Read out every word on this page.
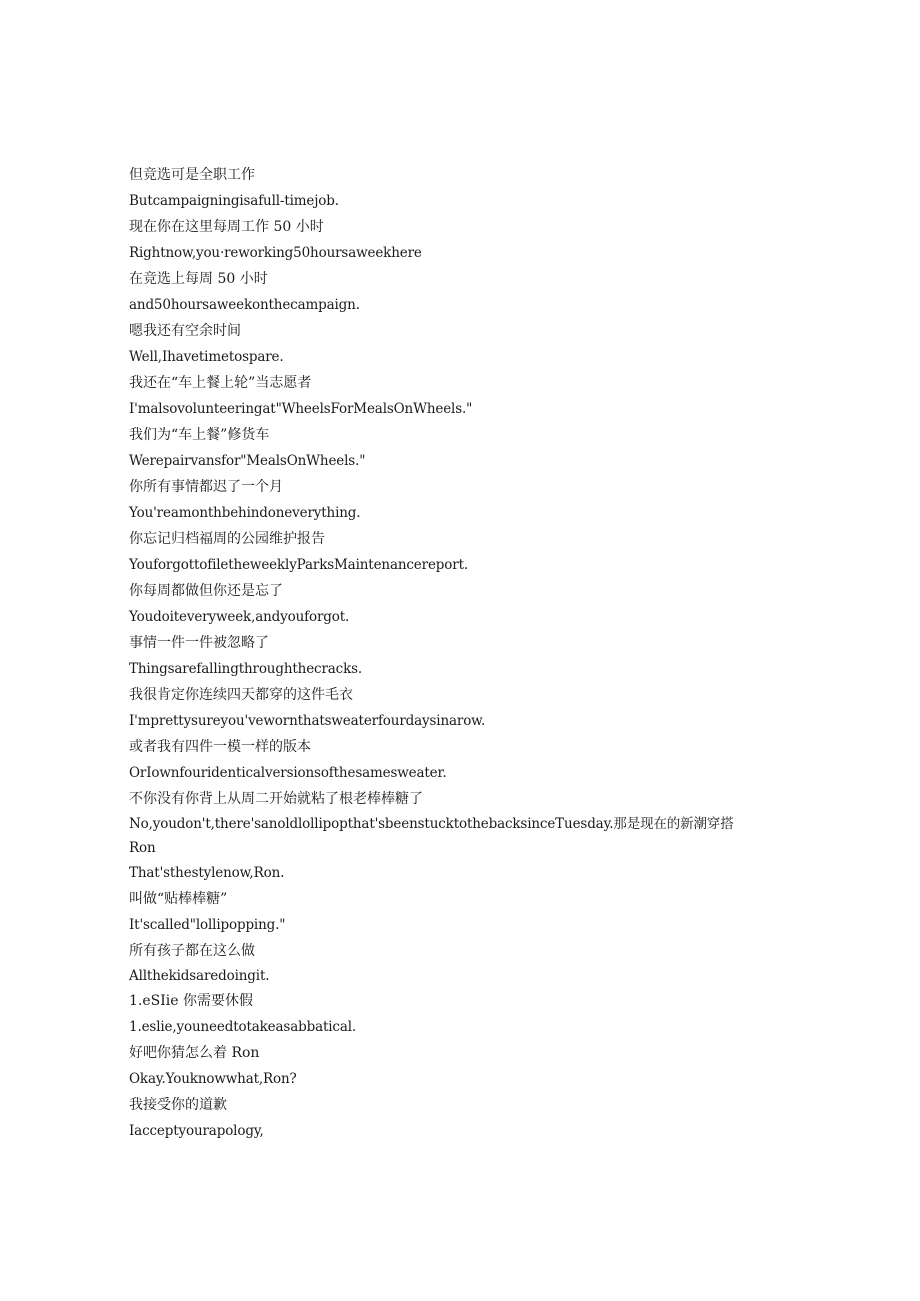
但竞选可是全职工作

Butcampaigningisafull-timejob.

现在你在这里每周工作 50 小时

Rightnow,you·reworking50hoursaweekhere

在竞选上每周 50 小时

and50hoursaweekonthecampaign.

嗯我还有空余时间

Well,Ihavetimetospare.

我还在“车上餐上轮”当志愿者

I'malsovolunteeringat"WheelsForMealsOnWheels."

我们为“车上餐”修货车

Werepairvansfor"MealsOnWheels."

你所有事情都迟了一个月

You'reamonthbehindoneverything.

你忘记归档福周的公园维护报告

YouforgottofiletheweeklyParksMaintenancereport.

你每周都做但你还是忘了

Youdoiteveryweek,andyouforgot.

事情一件一件被忽略了

Thingsarefallingthroughthecracks.

我很肯定你连续四天都穿的这件毛衣

I'mprettysureyou'vewornthatsweaterfourdaysinarow.

或者我有四件一模一样的版本

OrIownfouridenticalversionsofthesamesweater.

不你没有你背上从周二开始就粘了根老棒棒糖了

No,youdon't,there'sanoldlollipopthat'sbeenstucktothebacksinceTuesday.那是现在的新潮穿搭

Ron

That'sthestylenow,Ron.

叫做“贴棒棒糖”

It'scalled"lollipopping."

所有孩子都在这么做

Allthekidsaredoingit.

1.eSIie 你需要休假

1.eslie,youneedtotakeasabbatical.

好吧你猜怎么着 Ron

Okay.Youknowwhat,Ron?

我接受你的道歉

Iacceptyourapology,
